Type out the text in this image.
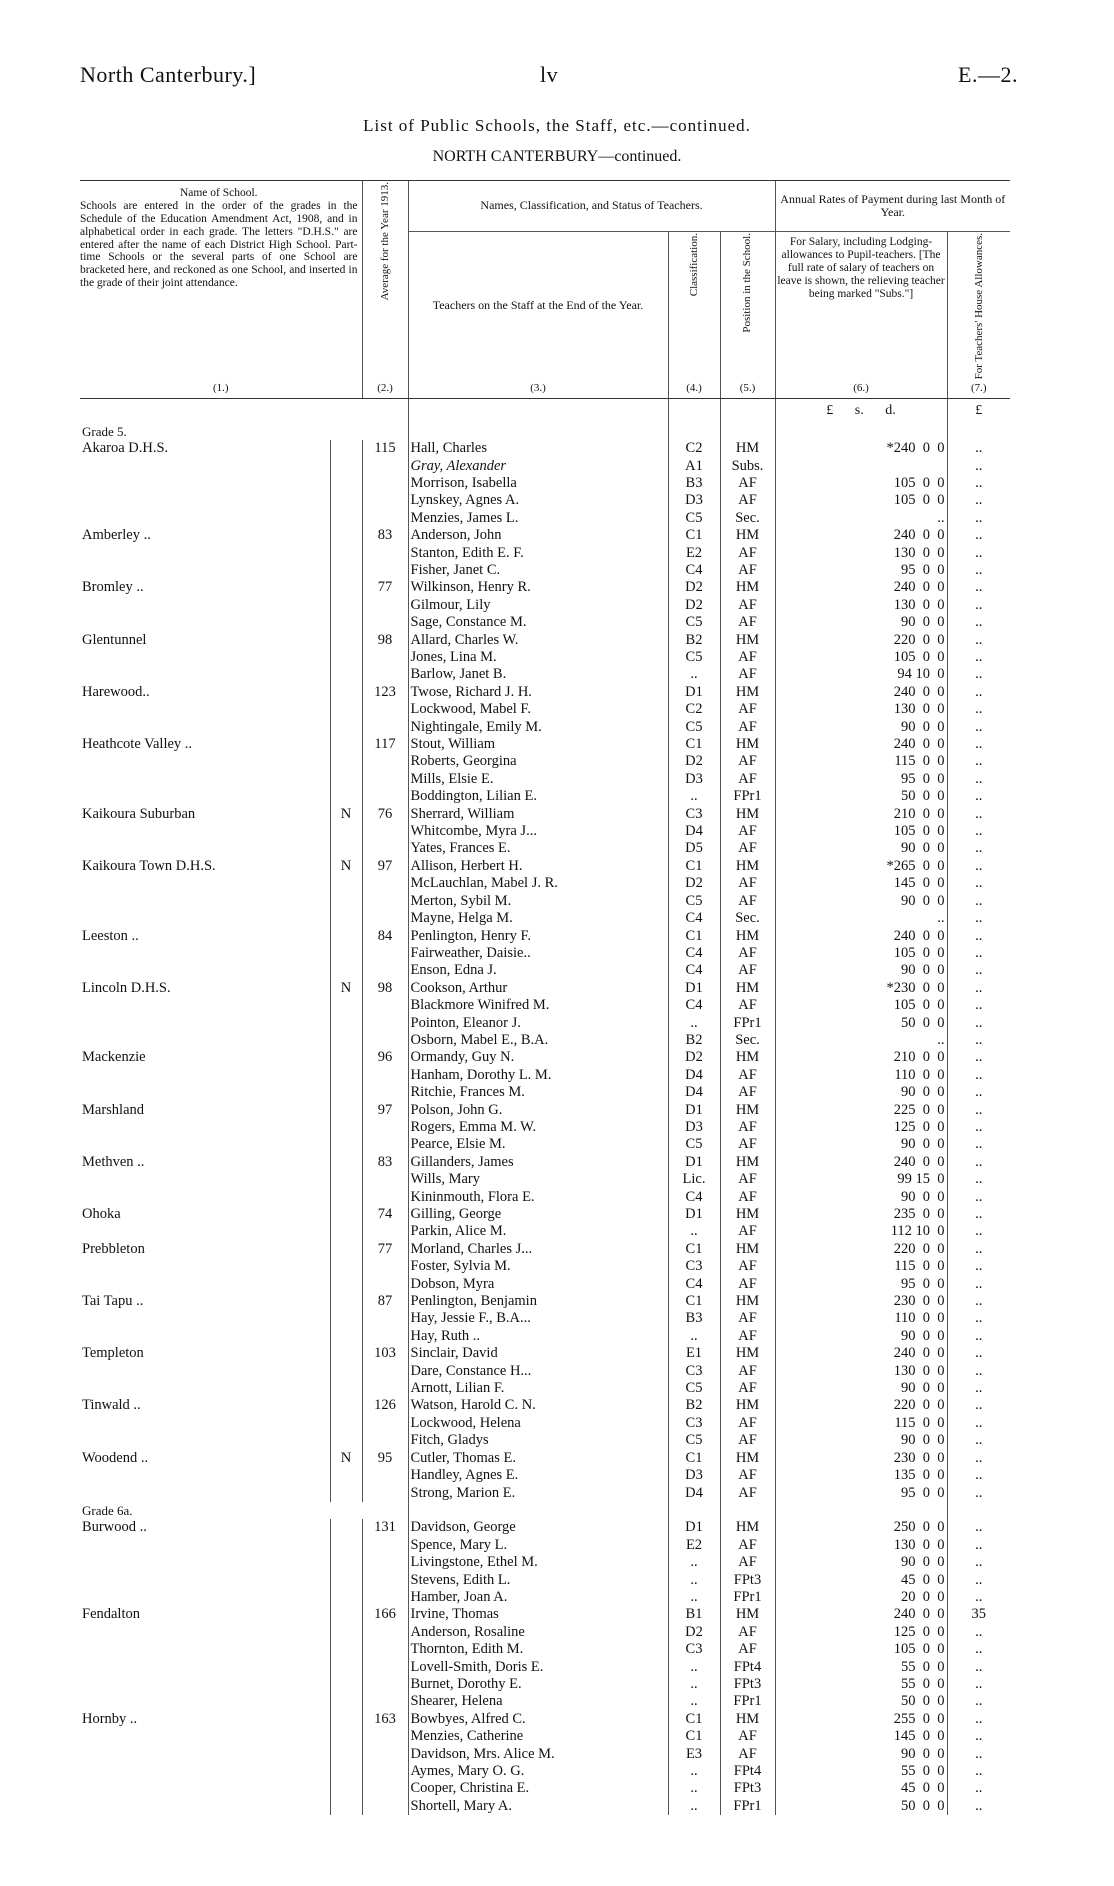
North Canterbury.]	lv	E.—2.
List of Public Schools, the Staff, etc.—continued.
NORTH CANTERBURY—continued.
Name of School.
Schools are entered in the order of the grades in the Schedule of the Education Amendment Act, 1908, and in alphabetical order in each grade. The letters "D.H.S." are entered after the name of each District High School. Part-time Schools or the several parts of one School are bracketed here, and reckoned as one School, and inserted in the grade of their joint attendance.		Average for the Year 1913.	Names, Classification, and Status of Teachers.			Annual Rates of Payment during last Month of Year.	
			Teachers on the Staff at the End of the Year.	Classification.	Position in the School.	For Salary, including Lodging-allowances to Pupil-teachers. [The full rate of salary of teachers on leave is shown, the relieving teacher being marked "Subs."]	For Teachers' House Allowances.

(1.)		(2.)	(3.)	(4.)	(5.)	(6.)	(7.)
						£ s. d.	£
Grade 5.							
Akaroa D.H.S.		115	Hall, Charles	C2	HM	*240  0  0	..
			Gray, Alexander	A1	Subs.		..
			Morrison, Isabella	B3	AF	105  0  0	..
			Lynskey, Agnes A.	D3	AF	105  0  0	..
			Menzies, James L.	C5	Sec.	..	..
Amberley ..		83	Anderson, John	C1	HM	240  0  0	..
			Stanton, Edith E. F.	E2	AF	130  0  0	..
			Fisher, Janet C.	C4	AF	95  0  0	..
Bromley ..		77	Wilkinson, Henry R.	D2	HM	240  0  0	..
			Gilmour, Lily	D2	AF	130  0  0	..
			Sage, Constance M.	C5	AF	90  0  0	..
Glentunnel		98	Allard, Charles W.	B2	HM	220  0  0	..
			Jones, Lina M.	C5	AF	105  0  0	..
			Barlow, Janet B.	..	AF	94 10  0	..
Harewood..		123	Twose, Richard J. H.	D1	HM	240  0  0	..
			Lockwood, Mabel F.	C2	AF	130  0  0	..
			Nightingale, Emily M.	C5	AF	90  0  0	..
Heathcote Valley ..		117	Stout, William	C1	HM	240  0  0	..
			Roberts, Georgina	D2	AF	115  0  0	..
			Mills, Elsie E.	D3	AF	95  0  0	..
			Boddington, Lilian E.	..	FPr1	50  0  0	..
Kaikoura Suburban	N	76	Sherrard, William	C3	HM	210  0  0	..
			Whitcombe, Myra J...	D4	AF	105  0  0	..
			Yates, Frances E.	D5	AF	90  0  0	..
Kaikoura Town D.H.S.	N	97	Allison, Herbert H.	C1	HM	*265  0  0	..
			McLauchlan, Mabel J. R.	D2	AF	145  0  0	..
			Merton, Sybil M.	C5	AF	90  0  0	..
			Mayne, Helga M.	C4	Sec.	..	..
Leeston ..		84	Penlington, Henry F.	C1	HM	240  0  0	..
			Fairweather, Daisie..	C4	AF	105  0  0	..
			Enson, Edna J.	C4	AF	90  0  0	..
Lincoln D.H.S.	N	98	Cookson, Arthur	D1	HM	*230  0  0	..
			Blackmore Winifred M.	C4	AF	105  0  0	..
			Pointon, Eleanor J.	..	FPr1	50  0  0	..
			Osborn, Mabel E., B.A.	B2	Sec.	..	..
Mackenzie		96	Ormandy, Guy N.	D2	HM	210  0  0	..
			Hanham, Dorothy L. M.	D4	AF	110  0  0	..
			Ritchie, Frances M.	D4	AF	90  0  0	..
Marshland		97	Polson, John G.	D1	HM	225  0  0	..
			Rogers, Emma M. W.	D3	AF	125  0  0	..
			Pearce, Elsie M.	C5	AF	90  0  0	..
Methven ..		83	Gillanders, James	D1	HM	240  0  0	..
			Wills, Mary	Lic.	AF	99 15  0	..
			Kininmouth, Flora E.	C4	AF	90  0  0	..
Ohoka		74	Gilling, George	D1	HM	235  0  0	..
			Parkin, Alice M.	..	AF	112 10  0	..
Prebbleton		77	Morland, Charles J...	C1	HM	220  0  0	..
			Foster, Sylvia M.	C3	AF	115  0  0	..
			Dobson, Myra	C4	AF	95  0  0	..
Tai Tapu ..		87	Penlington, Benjamin	C1	HM	230  0  0	..
			Hay, Jessie F., B.A...	B3	AF	110  0  0	..
			Hay, Ruth ..	..	AF	90  0  0	..
Templeton		103	Sinclair, David	E1	HM	240  0  0	..
			Dare, Constance H...	C3	AF	130  0  0	..
			Arnott, Lilian F.	C5	AF	90  0  0	..
Tinwald ..		126	Watson, Harold C. N.	B2	HM	220  0  0	..
			Lockwood, Helena	C3	AF	115  0  0	..
			Fitch, Gladys	C5	AF	90  0  0	..
Woodend ..	N	95	Cutler, Thomas E.	C1	HM	230  0  0	..
			Handley, Agnes E.	D3	AF	135  0  0	..
			Strong, Marion E.	D4	AF	95  0  0	..
Grade 6a.							
Burwood ..		131	Davidson, George	D1	HM	250  0  0	..
			Spence, Mary L.	E2	AF	130  0  0	..
			Livingstone, Ethel M.	..	AF	90  0  0	..
			Stevens, Edith L.	..	FPt3	45  0  0	..
			Hamber, Joan A.	..	FPr1	20  0  0	..
Fendalton		166	Irvine, Thomas	B1	HM	240  0  0	35
			Anderson, Rosaline	D2	AF	125  0  0	..
			Thornton, Edith M.	C3	AF	105  0  0	..
			Lovell-Smith, Doris E.	..	FPt4	55  0  0	..
			Burnet, Dorothy E.	..	FPt3	55  0  0	..
			Shearer, Helena	..	FPr1	50  0  0	..
Hornby ..		163	Bowbyes, Alfred C.	C1	HM	255  0  0	..
			Menzies, Catherine	C1	AF	145  0  0	..
			Davidson, Mrs. Alice M.	E3	AF	90  0  0	..
			Aymes, Mary O. G.	..	FPt4	55  0  0	..
			Cooper, Christina E.	..	FPt3	45  0  0	..
			Shortell, Mary A.	..	FPr1	50  0  0	..
